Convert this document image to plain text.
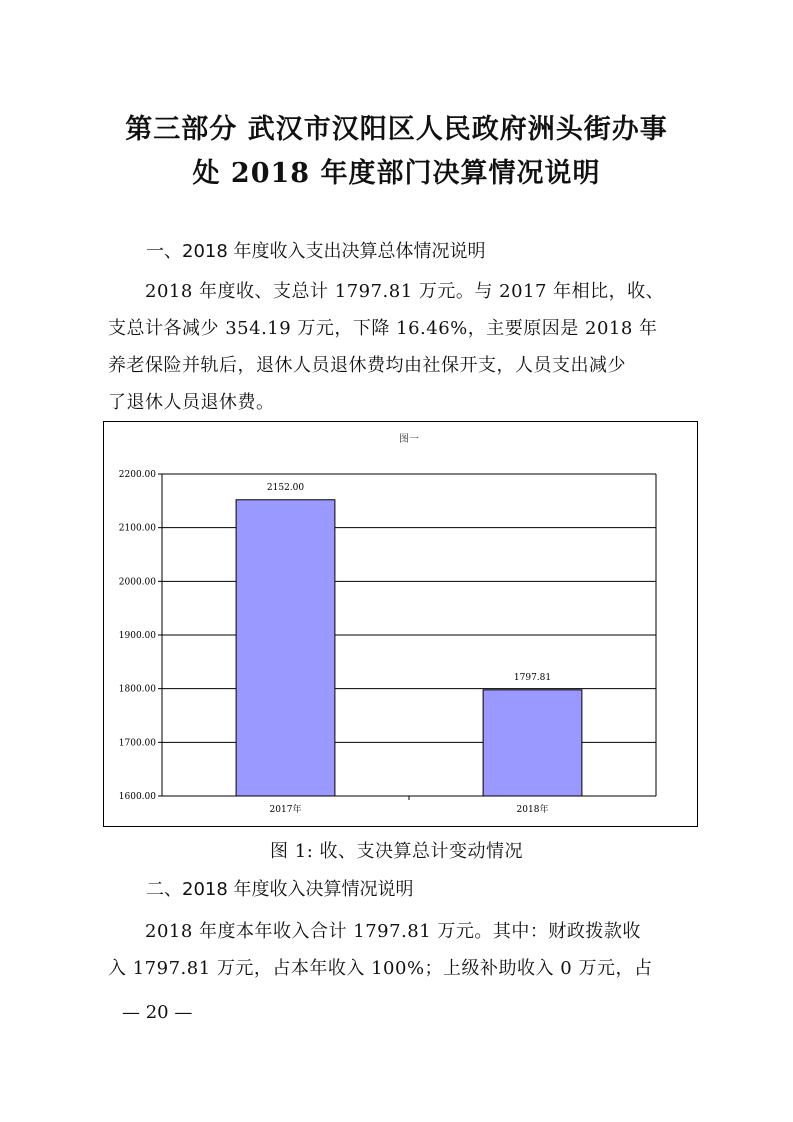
第三部分 武汉市汉阳区人民政府洲头街办事
处 2018 年度部门决算情况说明
一、2018 年度收入支出决算总体情况说明

2018 年度收、支总计 1797.81 万元。与 2017 年相比，收、

支总计各减少 354.19 万元，下降 16.46%，主要原因是 2018 年

养老保险并轨后，退休人员退休费均由社保开支，人员支出减少

了退休人员退休费。

图一
1600.00
1700.00
1800.00
1900.00
2000.00
2100.00
2200.00
2152.00
2017年
1797.81
2018年
图 1: 收、支决算总计变动情况
二、2018 年度收入决算情况说明

2018 年度本年收入合计 1797.81 万元。其中：财政拨款收

入 1797.81 万元，占本年收入 100%；上级补助收入 0 万元，占

— 20 —
